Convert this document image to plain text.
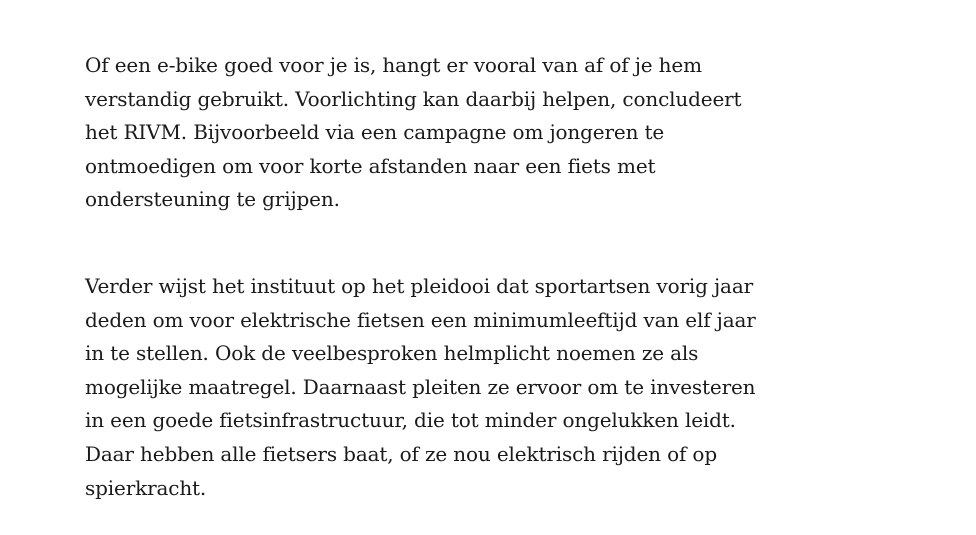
Of een e-bike goed voor je is, hangt er vooral van af of je hem
verstandig gebruikt. Voorlichting kan daarbij helpen, concludeert
het RIVM. Bijvoorbeeld via een campagne om jongeren te
ontmoedigen om voor korte afstanden naar een fiets met
ondersteuning te grijpen.

Verder wijst het instituut op het pleidooi dat sportartsen vorig jaar
deden om voor elektrische fietsen een minimumleeftijd van elf jaar
in te stellen. Ook de veelbesproken helmplicht noemen ze als
mogelijke maatregel. Daarnaast pleiten ze ervoor om te investeren
in een goede fietsinfrastructuur, die tot minder ongelukken leidt.
Daar hebben alle fietsers baat, of ze nou elektrisch rijden of op
spierkracht.
